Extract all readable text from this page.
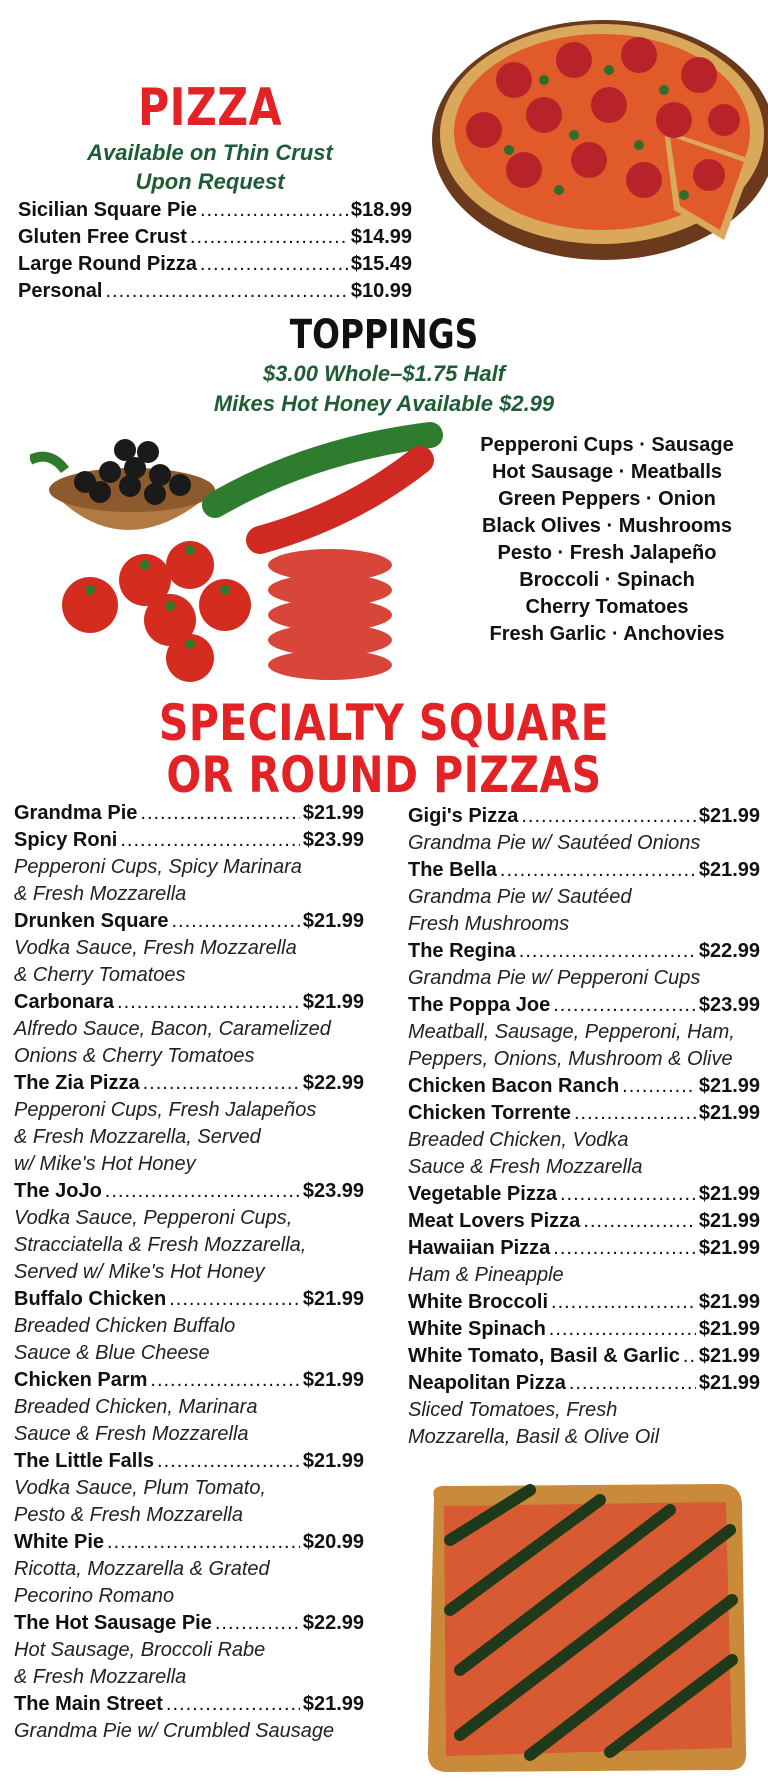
PIZZA
Available on Thin Crust
Upon Request
Sicilian Square Pie .....	$18.99
Gluten Free Crust .....	$14.99
Large Round Pizza .....	$15.49
Personal .....	$10.99
TOPPINGS
$3.00 Whole–$1.75 Half
Mikes Hot Honey Available $2.99
Pepperoni Cups · Sausage
Hot Sausage · Meatballs
Green Peppers · Onion
Black Olives · Mushrooms
Pesto · Fresh Jalapeño
Broccoli · Spinach
Cherry Tomatoes
Fresh Garlic · Anchovies
SPECIALTY SQUARE
OR ROUND PIZZAS
Grandma Pie .....	$21.99
Spicy Roni .....	$23.99
Pepperoni Cups, Spicy Marinara
& Fresh Mozzarella
Drunken Square .....	$21.99
Vodka Sauce, Fresh Mozzarella
& Cherry Tomatoes
Carbonara .....	$21.99
Alfredo Sauce, Bacon, Caramelized
Onions & Cherry Tomatoes
The Zia Pizza .....	$22.99
Pepperoni Cups, Fresh Jalapeños
& Fresh Mozzarella, Served
w/ Mike's Hot Honey
The JoJo .....	$23.99
Vodka Sauce, Pepperoni Cups,
Stracciatella & Fresh Mozzarella,
Served w/ Mike's Hot Honey
Buffalo Chicken .....	$21.99
Breaded Chicken Buffalo
Sauce & Blue Cheese
Chicken Parm .....	$21.99
Breaded Chicken, Marinara
Sauce & Fresh Mozzarella
The Little Falls .....	$21.99
Vodka Sauce, Plum Tomato,
Pesto & Fresh Mozzarella
White Pie .....	$20.99
Ricotta, Mozzarella & Grated
Pecorino Romano
The Hot Sausage Pie .....	$22.99
Hot Sausage, Broccoli Rabe
& Fresh Mozzarella
The Main Street .....	$21.99
Grandma Pie w/ Crumbled Sausage
Gigi's Pizza .....	$21.99
Grandma Pie w/ Sautéed Onions
The Bella .....	$21.99
Grandma Pie w/ Sautéed
Fresh Mushrooms
The Regina .....	$22.99
Grandma Pie w/ Pepperoni Cups
The Poppa Joe .....	$23.99
Meatball, Sausage, Pepperoni, Ham,
Peppers, Onions, Mushroom & Olive
Chicken Bacon Ranch .....	$21.99
Chicken Torrente .....	$21.99
Breaded Chicken, Vodka
Sauce & Fresh Mozzarella
Vegetable Pizza .....	$21.99
Meat Lovers Pizza .....	$21.99
Hawaiian Pizza .....	$21.99
Ham & Pineapple
White Broccoli .....	$21.99
White Spinach .....	$21.99
White Tomato, Basil & Garlic ..... $21.99
Neapolitan Pizza .....	$21.99
Sliced Tomatoes, Fresh
Mozzarella, Basil & Olive Oil
